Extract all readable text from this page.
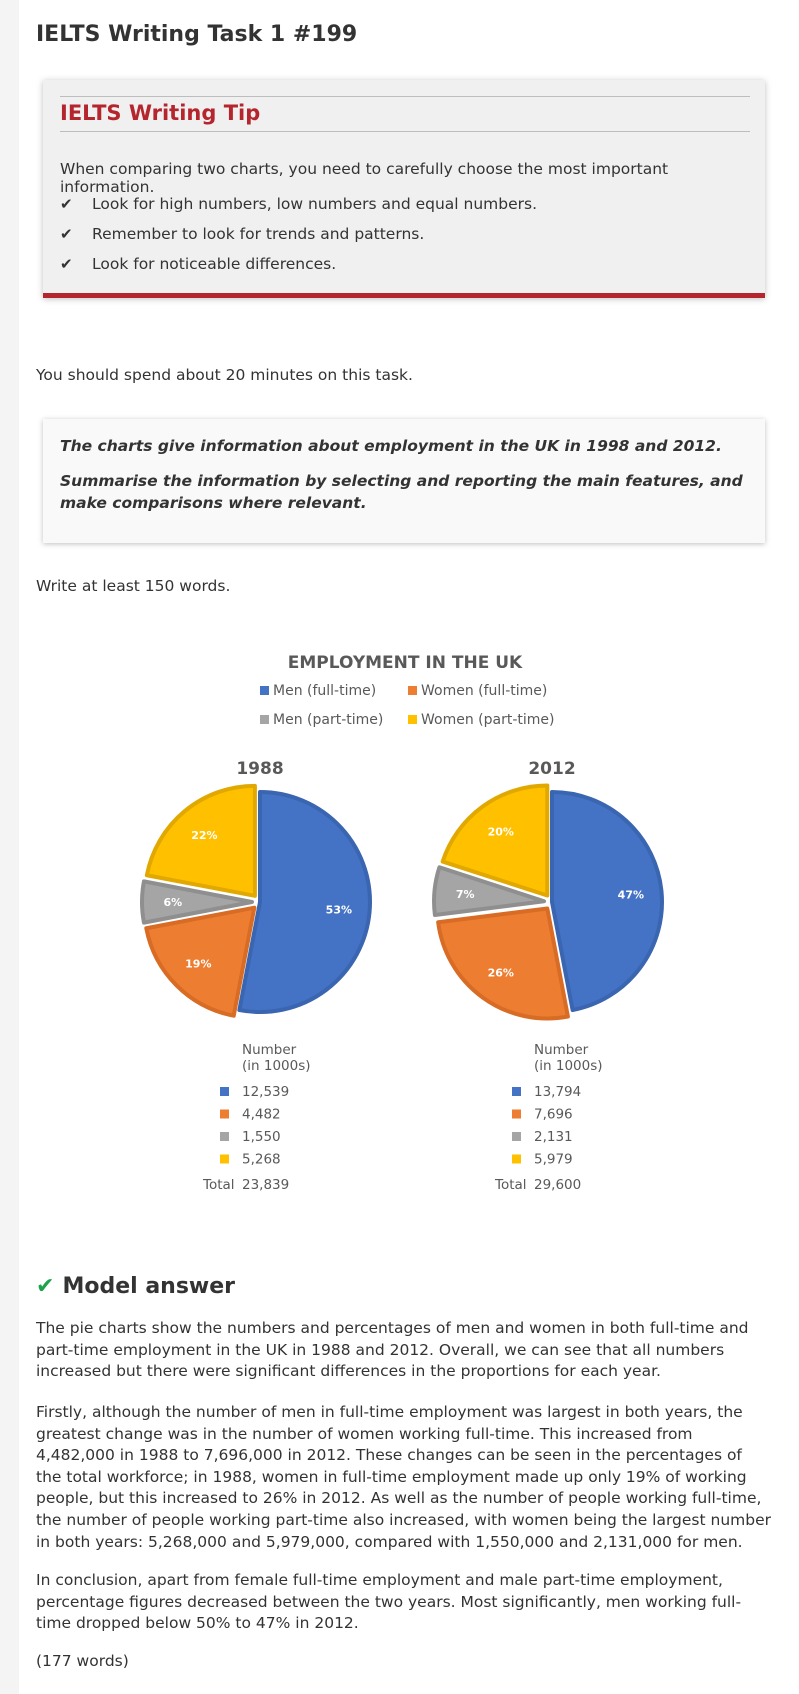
IELTS Writing Task 1 #199
IELTS Writing Tip
When comparing two charts, you need to carefully choose the most important information.
✔ Look for high numbers, low numbers and equal numbers.
✔ Remember to look for trends and patterns.
✔ Look for noticeable differences.
You should spend about 20 minutes on this task.

The charts give information about employment in the UK in 1998 and 2012.

Summarise the information by selecting and reporting the main features, and make comparisons where relevant.

Write at least 150 words.
EMPLOYMENT IN THE UK
Men (full-time)	Women (full-time)
Men (part-time)	Women (part-time)
1988
53%
19%
6%
22%
Number
(in 1000s)
12,539
4,482
1,550
5,268
Total 23,839
2012
47%
26%
7%
20%
Number
(in 1000s)
13,794
7,696
2,131
5,979
Total 29,600
✔ Model answer

The pie charts show the numbers and percentages of men and women in both full-time and part-time employment in the UK in 1988 and 2012. Overall, we can see that all numbers increased but there were significant differences in the proportions for each year.

Firstly, although the number of men in full-time employment was largest in both years, the greatest change was in the number of women working full-time. This increased from 4,482,000 in 1988 to 7,696,000 in 2012. These changes can be seen in the percentages of the total workforce; in 1988, women in full-time employment made up only 19% of working people, but this increased to 26% in 2012. As well as the number of people working full-time, the number of people working part-time also increased, with women being the largest number in both years: 5,268,000 and 5,979,000, compared with 1,550,000 and 2,131,000 for men.

In conclusion, apart from female full-time employment and male part-time employment, percentage figures decreased between the two years. Most significantly, men working full-time dropped below 50% to 47% in 2012.

(177 words)
